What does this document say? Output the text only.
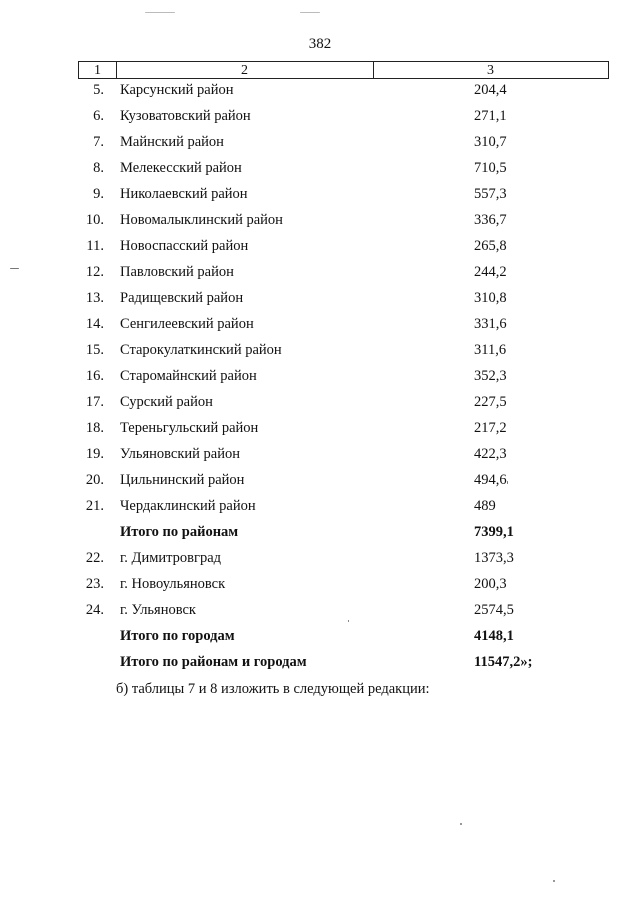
382
1	2	3
5. Карсунский район	204,4
6. Кузоватовский район	271,1
7. Майнский район	310,7
8. Мелекесский район	710,5
9. Николаевский район	557,3
10. Новомалыклинский район	336,7
11. Новоспасский район	265,8
12. Павловский район	244,2
13. Радищевский район	310,8
14. Сенгилеевский район	331,6
15. Старокулаткинский район	311,6
16. Старомайнский район	352,3
17. Сурский район	227,5
18. Тереньгульский район	217,2
19. Ульяновский район	422,3
20. Цильнинский район	494,6
21. Чердаклинский район	489
Итого по районам	7399,1
22. г. Димитровград	1373,3
23. г. Новоульяновск	200,3
24. г. Ульяновск	2574,5
Итого по городам	4148,1
Итого по районам и городам	11547,2»;
б) таблицы 7 и 8 изложить в следующей редакции:
